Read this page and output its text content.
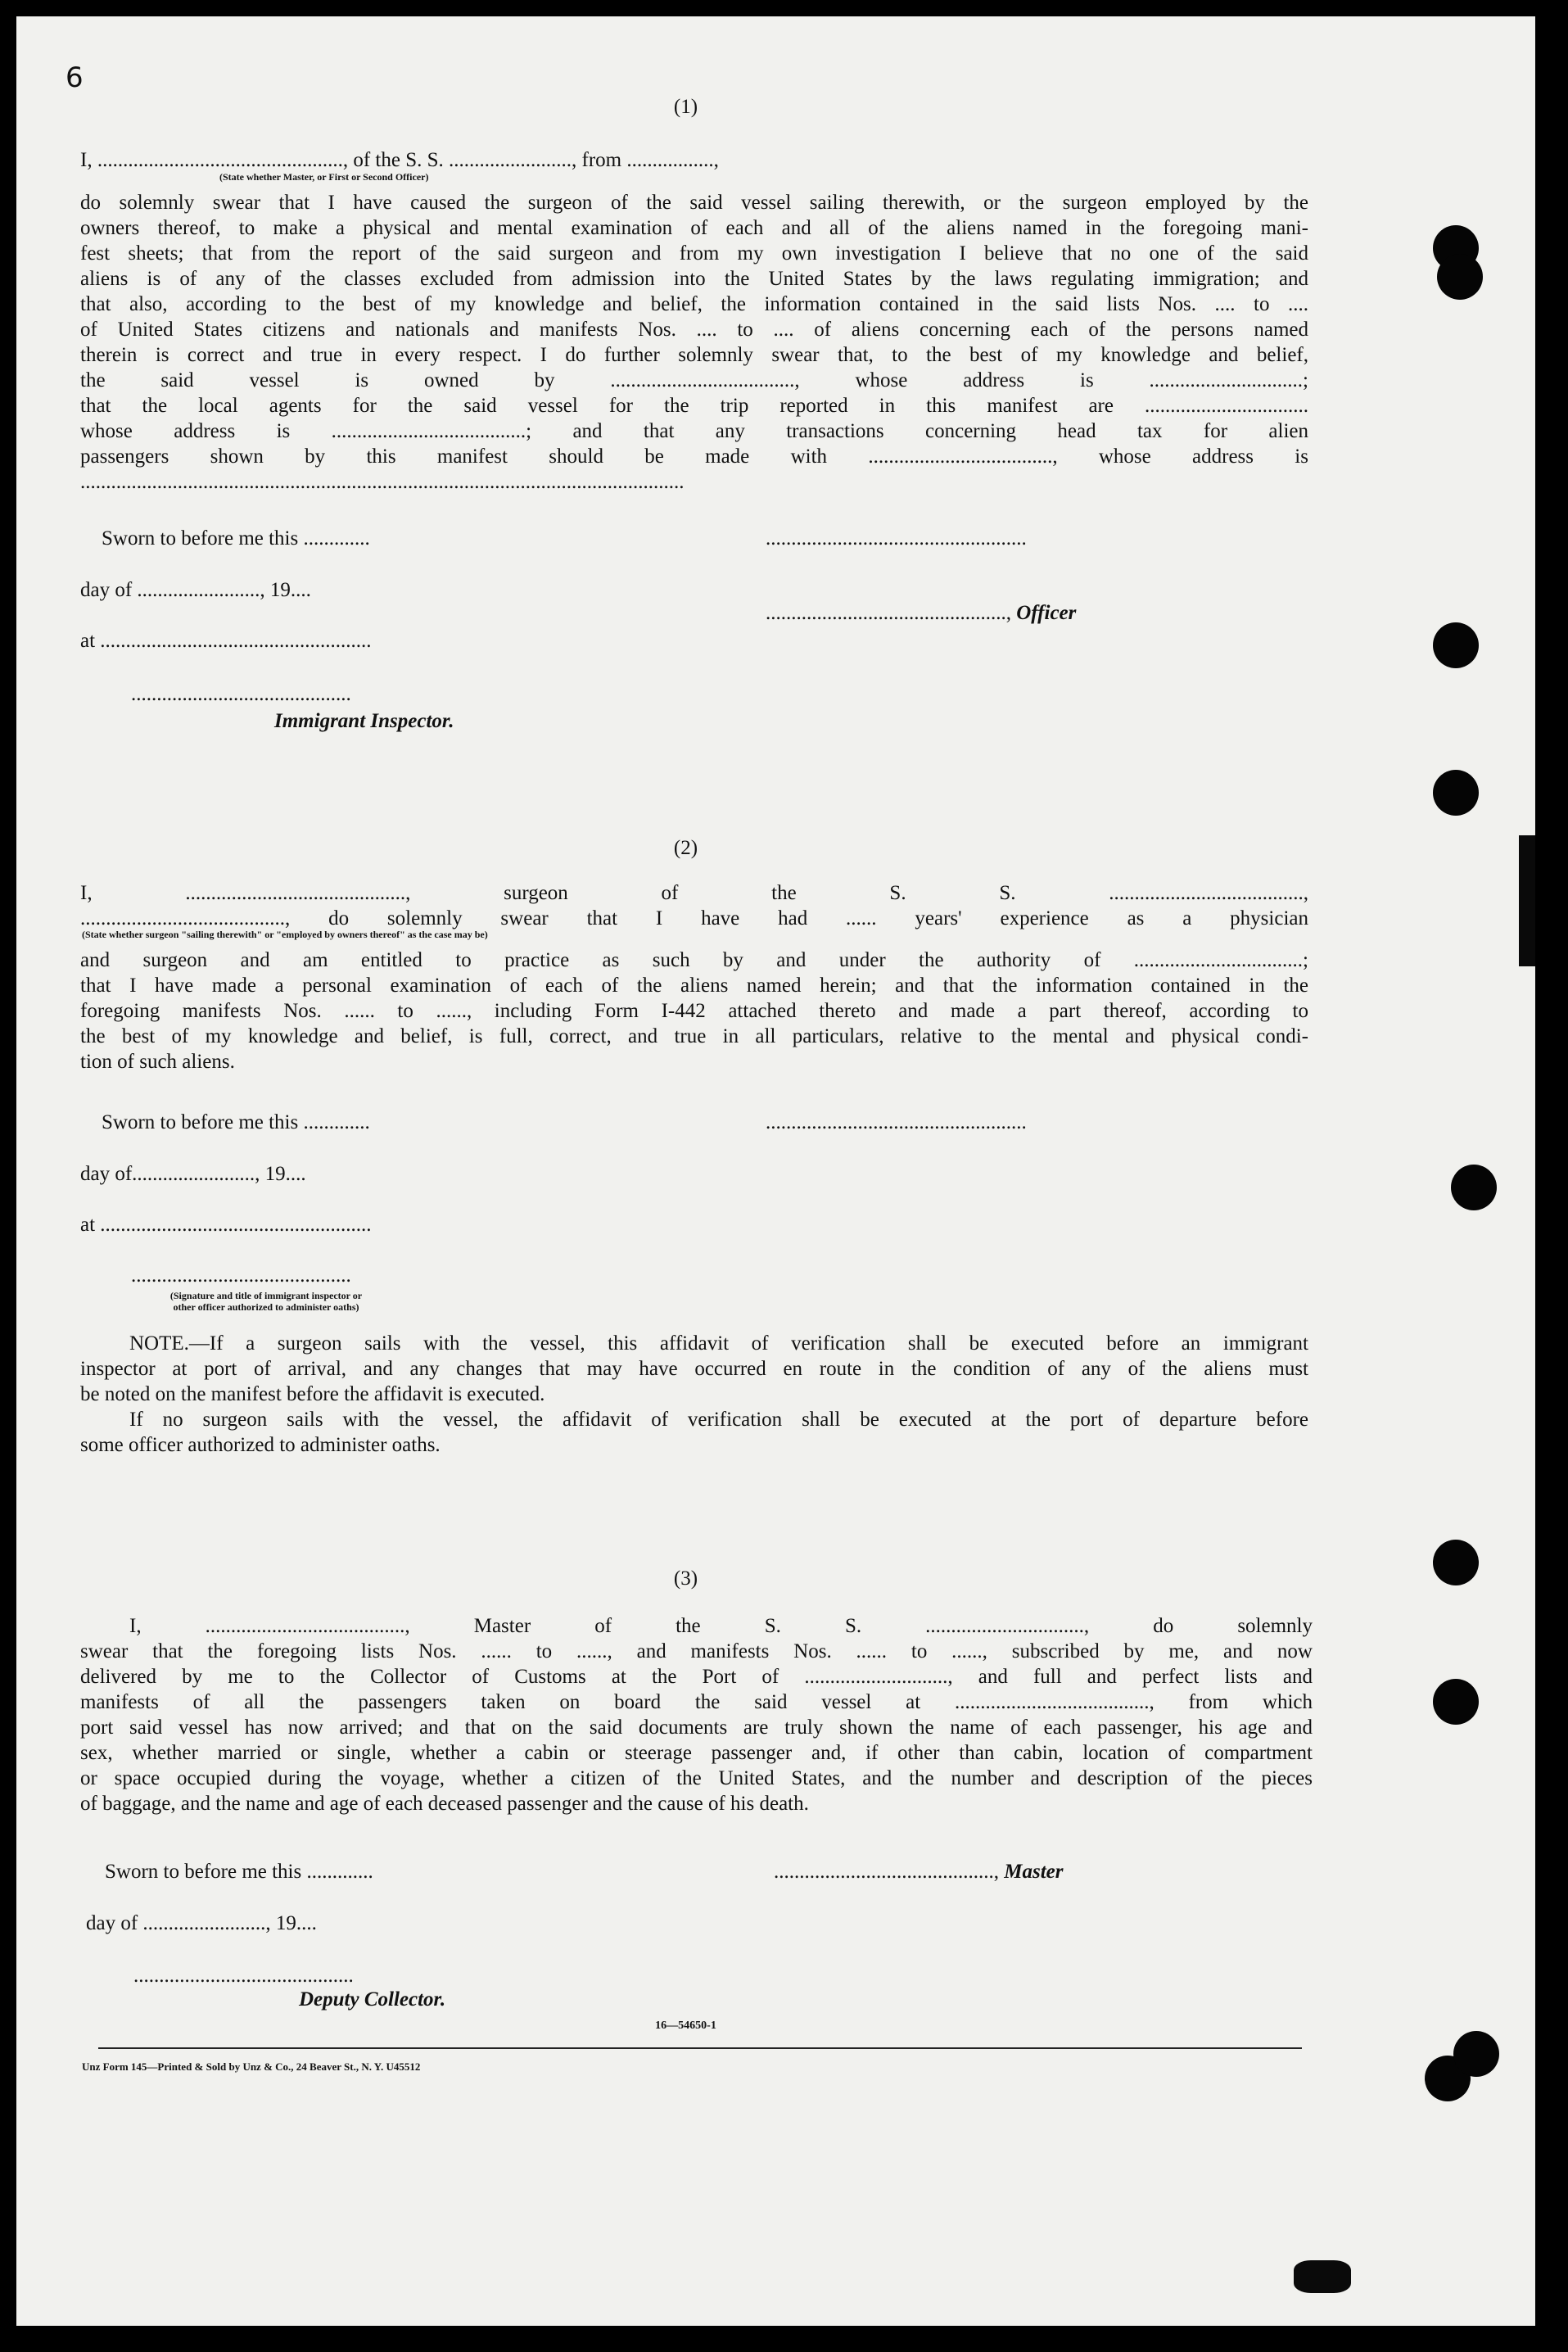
6
(1)
I, ................................................, of the S. S. ........................, from .................,
(State whether Master, or First or Second Officer)
do solemnly swear that I have caused the surgeon of the said vessel sailing therewith, or the surgeon employed by the
owners thereof, to make a physical and mental examination of each and all of the aliens named in the foregoing mani-
fest sheets; that from the report of the said surgeon and from my own investigation I believe that no one of the said
aliens is of any of the classes excluded from admission into the United States by the laws regulating immigration; and
that also, according to the best of my knowledge and belief, the information contained in the said lists Nos. .... to ....
of United States citizens and nationals and manifests Nos. .... to .... of aliens concerning each of the persons named
therein is correct and true in every respect. I do further solemnly swear that, to the best of my knowledge and belief,
the said vessel is owned by ...................................., whose address is ..............................;
that the local agents for the said vessel for the trip reported in this manifest are ................................
whose address is ......................................; and that any transactions concerning head tax for alien
passengers shown by this manifest should be made with ...................................., whose address is
......................................................................................................................
Sworn to before me this .............	...................................................
day of ........................, 19....
..............................................., Officer
at .....................................................
...........................................
Immigrant Inspector.
(2)
I, ..........................................., surgeon of the S. S. ......................................,
........................................, do solemnly swear that I have had ...... years' experience as a physician
(State whether surgeon "sailing therewith" or "employed by owners thereof" as the case may be)
and surgeon and am entitled to practice as such by and under the authority of .................................;
that I have made a personal examination of each of the aliens named herein; and that the information contained in the
foregoing manifests Nos. ...... to ......, including Form I-442 attached thereto and made a part thereof, according to
the best of my knowledge and belief, is full, correct, and true in all particulars, relative to the mental and physical condi-
tion of such aliens.
Sworn to before me this .............	...................................................
day of........................, 19....
at .....................................................
...........................................
(Signature and title of immigrant inspector or
other officer authorized to administer oaths)
NOTE.—If a surgeon sails with the vessel, this affidavit of verification shall be executed before an immigrant
inspector at port of arrival, and any changes that may have occurred en route in the condition of any of the aliens must
be noted on the manifest before the affidavit is executed.
If no surgeon sails with the vessel, the affidavit of verification shall be executed at the port of departure before
some officer authorized to administer oaths.
(3)
I, ......................................., Master of the S. S. ..............................., do solemnly
swear that the foregoing lists Nos. ...... to ......, and manifests Nos. ...... to ......, subscribed by me, and now
delivered by me to the Collector of Customs at the Port of ............................, and full and perfect lists and
manifests of all the passengers taken on board the said vessel at ......................................, from which
port said vessel has now arrived; and that on the said documents are truly shown the name of each passenger, his age and
sex, whether married or single, whether a cabin or steerage passenger and, if other than cabin, location of compartment
or space occupied during the voyage, whether a citizen of the United States, and the number and description of the pieces
of baggage, and the name and age of each deceased passenger and the cause of his death.
Sworn to before me this .............	..........................................., Master
day of ........................, 19....
...........................................
Deputy Collector.
16—54650-1
Unz Form 145—Printed & Sold by Unz & Co., 24 Beaver St., N. Y. U45512
